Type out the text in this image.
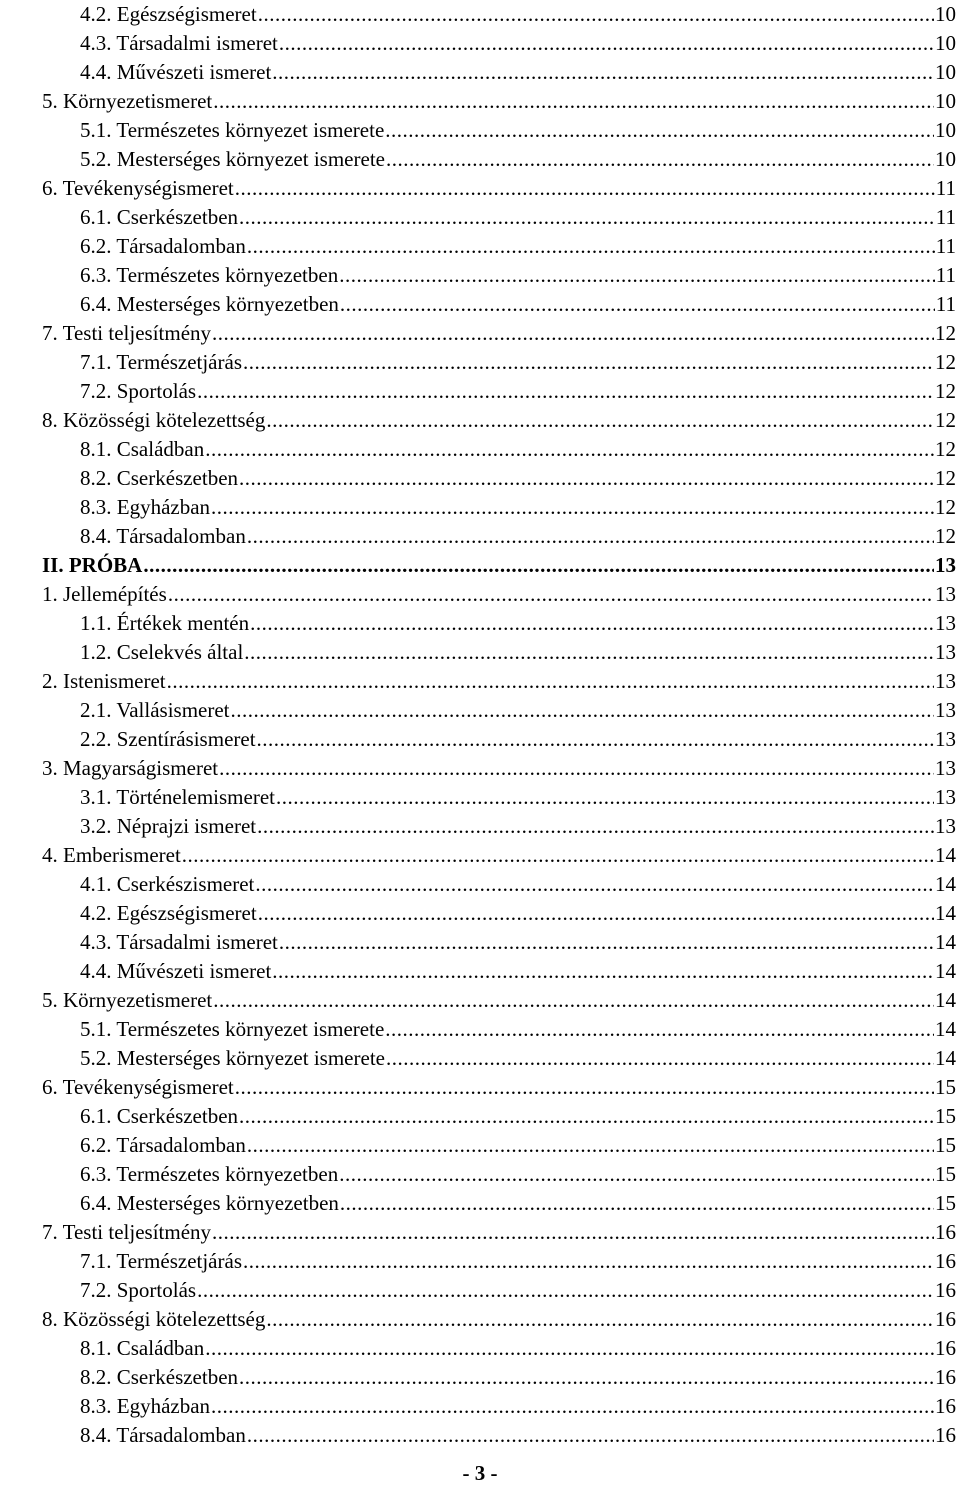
4.2. Egészségismeret .....	10
4.3. Társadalmi ismeret .....	10
4.4. Művészeti ismeret .....	10
5. Környezetismeret .....	10
5.1. Természetes környezet ismerete .....	10
5.2. Mesterséges környezet ismerete .....	10
6. Tevékenységismeret .....	11
6.1. Cserkészetben .....	11
6.2. Társadalomban .....	11
6.3. Természetes környezetben .....	11
6.4. Mesterséges környezetben .....	11
7. Testi teljesítmény .....	12
7.1. Természetjárás .....	12
7.2. Sportolás .....	12
8. Közösségi kötelezettség .....	12
8.1. Családban .....	12
8.2. Cserkészetben .....	12
8.3. Egyházban .....	12
8.4. Társadalomban .....	12
II. PRÓBA .....	13
1. Jellemépítés .....	13
1.1. Értékek mentén .....	13
1.2. Cselekvés által .....	13
2. Istenismeret .....	13
2.1. Vallásismeret .....	13
2.2. Szentírásismeret .....	13
3. Magyarságismeret .....	13
3.1. Történelemismeret .....	13
3.2. Néprajzi ismeret .....	13
4. Emberismeret .....	14
4.1. Cserkészismeret .....	14
4.2. Egészségismeret .....	14
4.3. Társadalmi ismeret .....	14
4.4. Művészeti ismeret .....	14
5. Környezetismeret .....	14
5.1. Természetes környezet ismerete .....	14
5.2. Mesterséges környezet ismerete .....	14
6. Tevékenységismeret .....	15
6.1. Cserkészetben .....	15
6.2. Társadalomban .....	15
6.3. Természetes környezetben .....	15
6.4. Mesterséges környezetben .....	15
7. Testi teljesítmény .....	16
7.1. Természetjárás .....	16
7.2. Sportolás .....	16
8. Közösségi kötelezettség .....	16
8.1. Családban .....	16
8.2. Cserkészetben .....	16
8.3. Egyházban .....	16
8.4. Társadalomban .....	16
- 3 -
